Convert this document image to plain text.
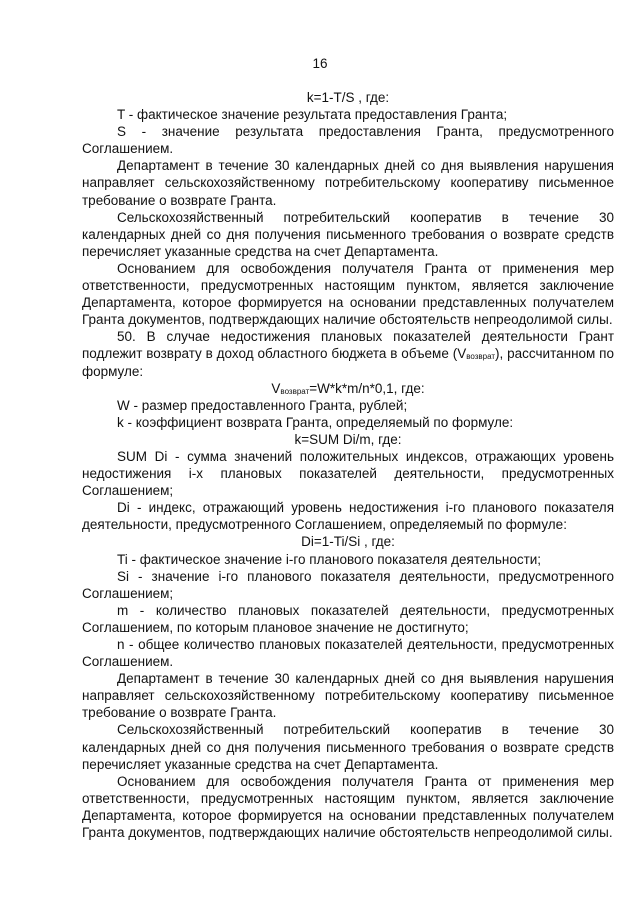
16

k=1-T/S , где:

T - фактическое значение результата предоставления Гранта;

S - значение результата предоставления Гранта, предусмотренного Соглашением.

Департамент в течение 30 календарных дней со дня выявления нарушения направляет сельскохозяйственному потребительскому кооперативу письменное требование о возврате Гранта.

Сельскохозяйственный потребительский кооператив в течение 30 календарных дней со дня получения письменного требования о возврате средств перечисляет указанные средства на счет Департамента.

Основанием для освобождения получателя Гранта от применения мер ответственности, предусмотренных настоящим пунктом, является заключение Департамента, которое формируется на основании представленных получателем Гранта документов, подтверждающих наличие обстоятельств непреодолимой силы.

50. В случае недостижения плановых показателей деятельности Грант подлежит возврату в доход областного бюджета в объеме $(V_{возврат})$, рассчитанном по формуле:

$V_{возврат}=W*k*m/n*0,1$, где:

W - размер предоставленного Гранта, рублей;

k - коэффициент возврата Гранта, определяемый по формуле:

k=SUM Di/m, где:

SUM Di - сумма значений положительных индексов, отражающих уровень недостижения i-х плановых показателей деятельности, предусмотренных Соглашением;

Di - индекс, отражающий уровень недостижения i-го планового показателя деятельности, предусмотренного Соглашением, определяемый по формуле:

Di=1-Ti/Si , где:

Ti - фактическое значение i-го планового показателя деятельности;

Si - значение i-го планового показателя деятельности, предусмотренного Соглашением;

m - количество плановых показателей деятельности, предусмотренных Соглашением, по которым плановое значение не достигнуто;

n - общее количество плановых показателей деятельности, предусмотренных Соглашением.

Департамент в течение 30 календарных дней со дня выявления нарушения направляет сельскохозяйственному потребительскому кооперативу письменное требование о возврате Гранта.

Сельскохозяйственный потребительский кооператив в течение 30 календарных дней со дня получения письменного требования о возврате средств перечисляет указанные средства на счет Департамента.

Основанием для освобождения получателя Гранта от применения мер ответственности, предусмотренных настоящим пунктом, является заключение Департамента, которое формируется на основании представленных получателем Гранта документов, подтверждающих наличие обстоятельств непреодолимой силы.
